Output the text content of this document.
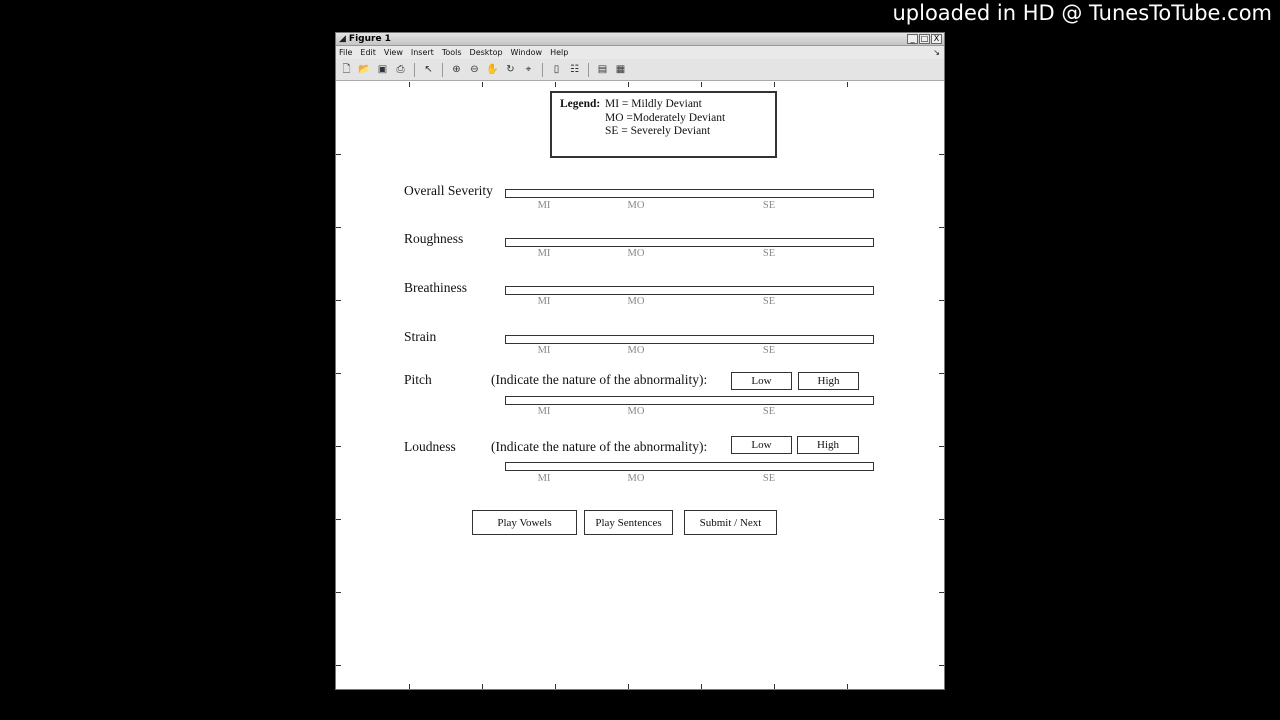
uploaded in HD @ TunesToTube.com
◢ Figure 1	_ □ X
File Edit View Insert Tools Desktop Window Help	↘
🗋 📂 ▣ ⎙ ↖ ⊕ ⊖ ✋ ↻	⌖	▯	☷ ▤ ▦
Legend: MI = Mildly Deviant
MO =Moderately Deviant
SE = Severely Deviant
Overall Severity
MI	MO	SE
Roughness
MI	MO	SE
Breathiness
MI	MO	SE
Strain
MI	MO	SE
Pitch	(Indicate the nature of the abnormality):	Low	High
MI	MO	SE
Loudness	(Indicate the nature of the abnormality):	Low	High
MI	MO	SE
Play Vowels	Play Sentences	Submit / Next
